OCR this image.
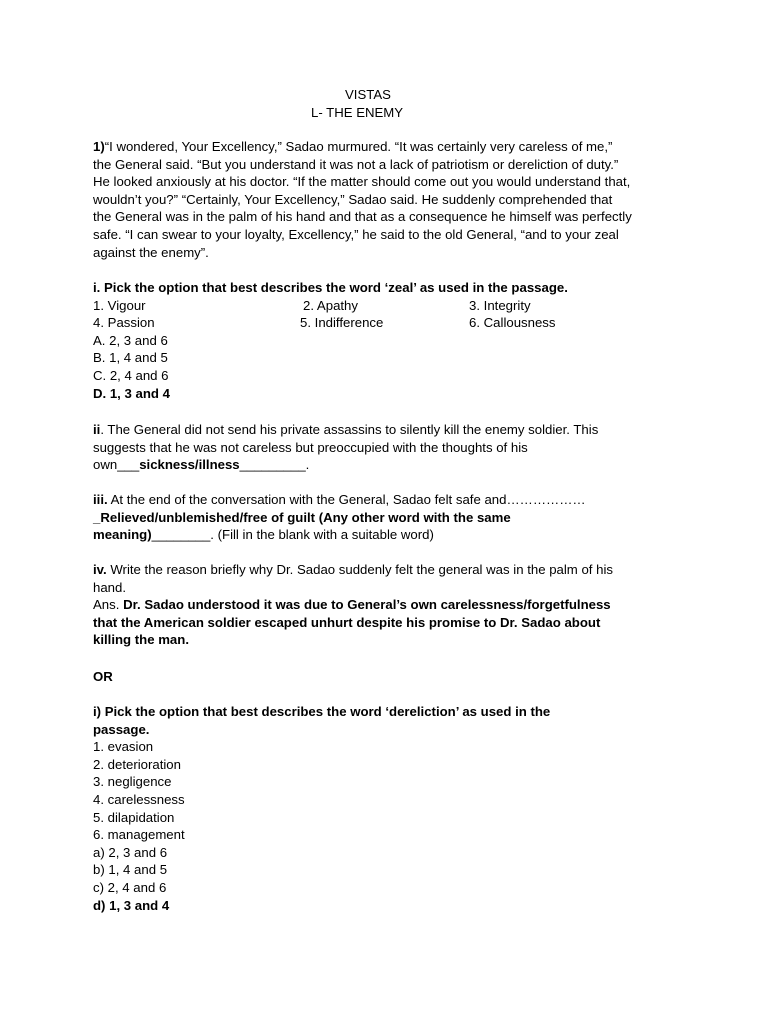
VISTAS
L- THE ENEMY
1)“I wondered, Your Excellency,” Sadao murmured. “It was certainly very careless of me,”
the General said. “But you understand it was not a lack of patriotism or dereliction of duty.”
He looked anxiously at his doctor. “If the matter should come out you would understand that,
wouldn’t you?” “Certainly, Your Excellency,” Sadao said. He suddenly comprehended that
the General was in the palm of his hand and that as a consequence he himself was perfectly
safe. “I can swear to your loyalty, Excellency,” he said to the old General, “and to your zeal
against the enemy”.
i. Pick the option that best describes the word ‘zeal’ as used in the passage.
1. Vigour	2. Apathy	3. Integrity
4. Passion	5. Indifference	6. Callousness
A. 2, 3 and 6
B. 1, 4 and 5
C. 2, 4 and 6
D. 1, 3 and 4
ii. The General did not send his private assassins to silently kill the enemy soldier. This
suggests that he was not careless but preoccupied with the thoughts of his
own___sickness/illness_________.
iii. At the end of the conversation with the General, Sadao felt safe and………………
_Relieved/unblemished/free of guilt (Any other word with the same
meaning)________. (Fill in the blank with a suitable word)
iv. Write the reason briefly why Dr. Sadao suddenly felt the general was in the palm of his
hand.
Ans. Dr. Sadao understood it was due to General’s own carelessness/forgetfulness
that the American soldier escaped unhurt despite his promise to Dr. Sadao about
killing the man.
OR
i) Pick the option that best describes the word ‘dereliction’ as used in the
passage.
1. evasion
2. deterioration
3. negligence
4. carelessness
5. dilapidation
6. management
a) 2, 3 and 6
b) 1, 4 and 5
c) 2, 4 and 6
d) 1, 3 and 4
